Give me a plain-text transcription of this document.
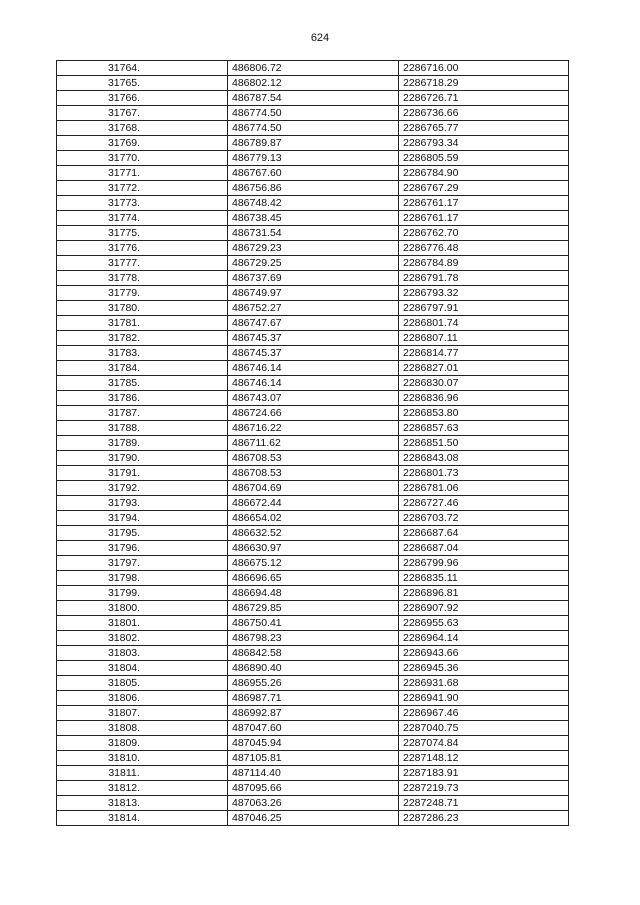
624
31764.	486806.72	2286716.00
31765.	486802.12	2286718.29
31766.	486787.54	2286726.71
31767.	486774.50	2286736.66
31768.	486774.50	2286765.77
31769.	486789.87	2286793.34
31770.	486779.13	2286805.59
31771.	486767.60	2286784.90
31772.	486756.86	2286767.29
31773.	486748.42	2286761.17
31774.	486738.45	2286761.17
31775.	486731.54	2286762.70
31776.	486729.23	2286776.48
31777.	486729.25	2286784.89
31778.	486737.69	2286791.78
31779.	486749.97	2286793.32
31780.	486752.27	2286797.91
31781.	486747.67	2286801.74
31782.	486745.37	2286807.11
31783.	486745.37	2286814.77
31784.	486746.14	2286827.01
31785.	486746.14	2286830.07
31786.	486743.07	2286836.96
31787.	486724.66	2286853.80
31788.	486716.22	2286857.63
31789.	486711.62	2286851.50
31790.	486708.53	2286843.08
31791.	486708.53	2286801.73
31792.	486704.69	2286781.06
31793.	486672.44	2286727.46
31794.	486654.02	2286703.72
31795.	486632.52	2286687.64
31796.	486630.97	2286687.04
31797.	486675.12	2286799.96
31798.	486696.65	2286835.11
31799.	486694.48	2286896.81
31800.	486729.85	2286907.92
31801.	486750.41	2286955.63
31802.	486798.23	2286964.14
31803.	486842.58	2286943.66
31804.	486890.40	2286945.36
31805.	486955.26	2286931.68
31806.	486987.71	2286941.90
31807.	486992.87	2286967.46
31808.	487047.60	2287040.75
31809.	487045.94	2287074.84
31810.	487105.81	2287148.12
31811.	487114.40	2287183.91
31812.	487095.66	2287219.73
31813.	487063.26	2287248.71
31814.	487046.25	2287286.23
